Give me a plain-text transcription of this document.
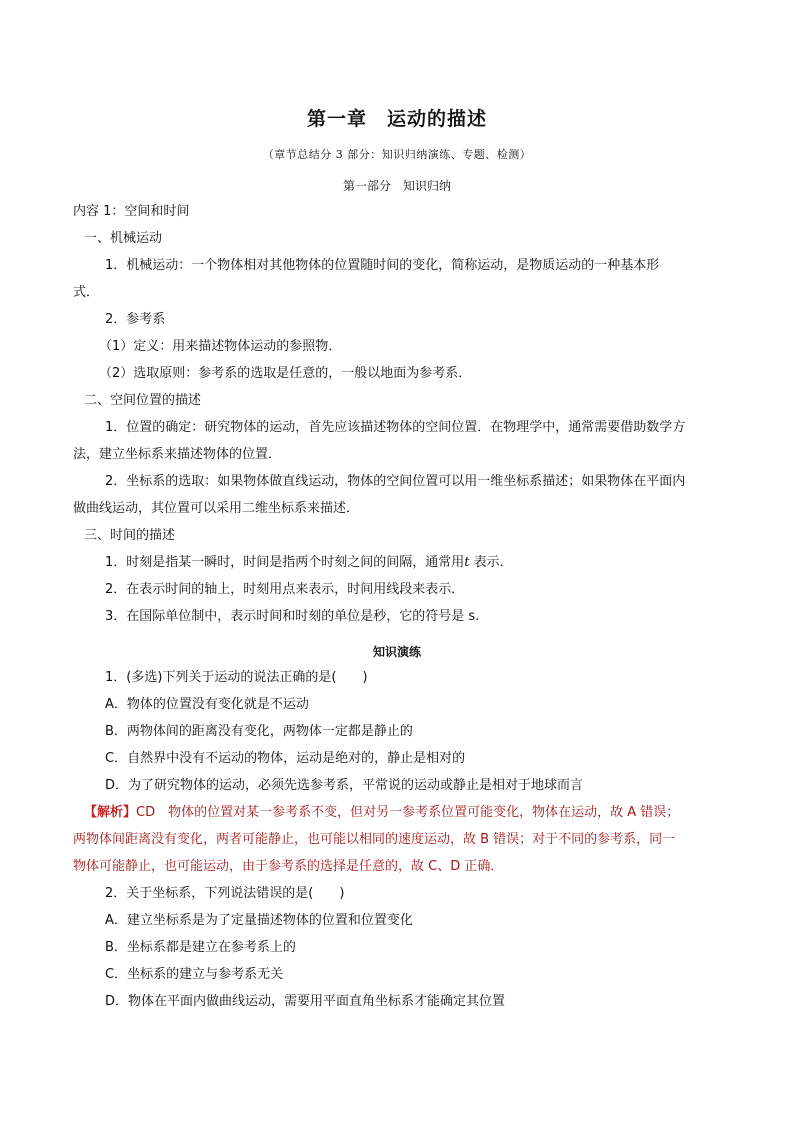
第一章　运动的描述
（章节总结分 3 部分：知识归纳演练、专题、检测）
第一部分　知识归纳
内容 1：空间和时间
一、机械运动
1．机械运动：一个物体相对其他物体的位置随时间的变化，简称运动，是物质运动的一种基本形
式．
2．参考系
（1）定义：用来描述物体运动的参照物．
（2）选取原则：参考系的选取是任意的，一般以地面为参考系．
二、空间位置的描述
1．位置的确定：研究物体的运动，首先应该描述物体的空间位置．在物理学中，通常需要借助数学方
法，建立坐标系来描述物体的位置．
2．坐标系的选取：如果物体做直线运动，物体的空间位置可以用一维坐标系描述；如果物体在平面内
做曲线运动，其位置可以采用二维坐标系来描述．
三、时间的描述
1．时刻是指某一瞬时，时间是指两个时刻之间的间隔，通常用t 表示．
2．在表示时间的轴上，时刻用点来表示，时间用线段来表示．
3．在国际单位制中，表示时间和时刻的单位是秒，它的符号是 s.
知识演练
1．(多选)下列关于运动的说法正确的是(　　)
A．物体的位置没有变化就是不运动
B．两物体间的距离没有变化，两物体一定都是静止的
C．自然界中没有不运动的物体，运动是绝对的，静止是相对的
D．为了研究物体的运动，必须先选参考系，平常说的运动或静止是相对于地球而言
【解析】CD　物体的位置对某一参考系不变，但对另一参考系位置可能变化，物体在运动，故 A 错误；
两物体间距离没有变化，两者可能静止，也可能以相同的速度运动，故 B 错误；对于不同的参考系，同一
物体可能静止，也可能运动，由于参考系的选择是任意的，故 C、D 正确．
2．关于坐标系，下列说法错误的是(　　)
A．建立坐标系是为了定量描述物体的位置和位置变化
B．坐标系都是建立在参考系上的
C．坐标系的建立与参考系无关
D．物体在平面内做曲线运动，需要用平面直角坐标系才能确定其位置
